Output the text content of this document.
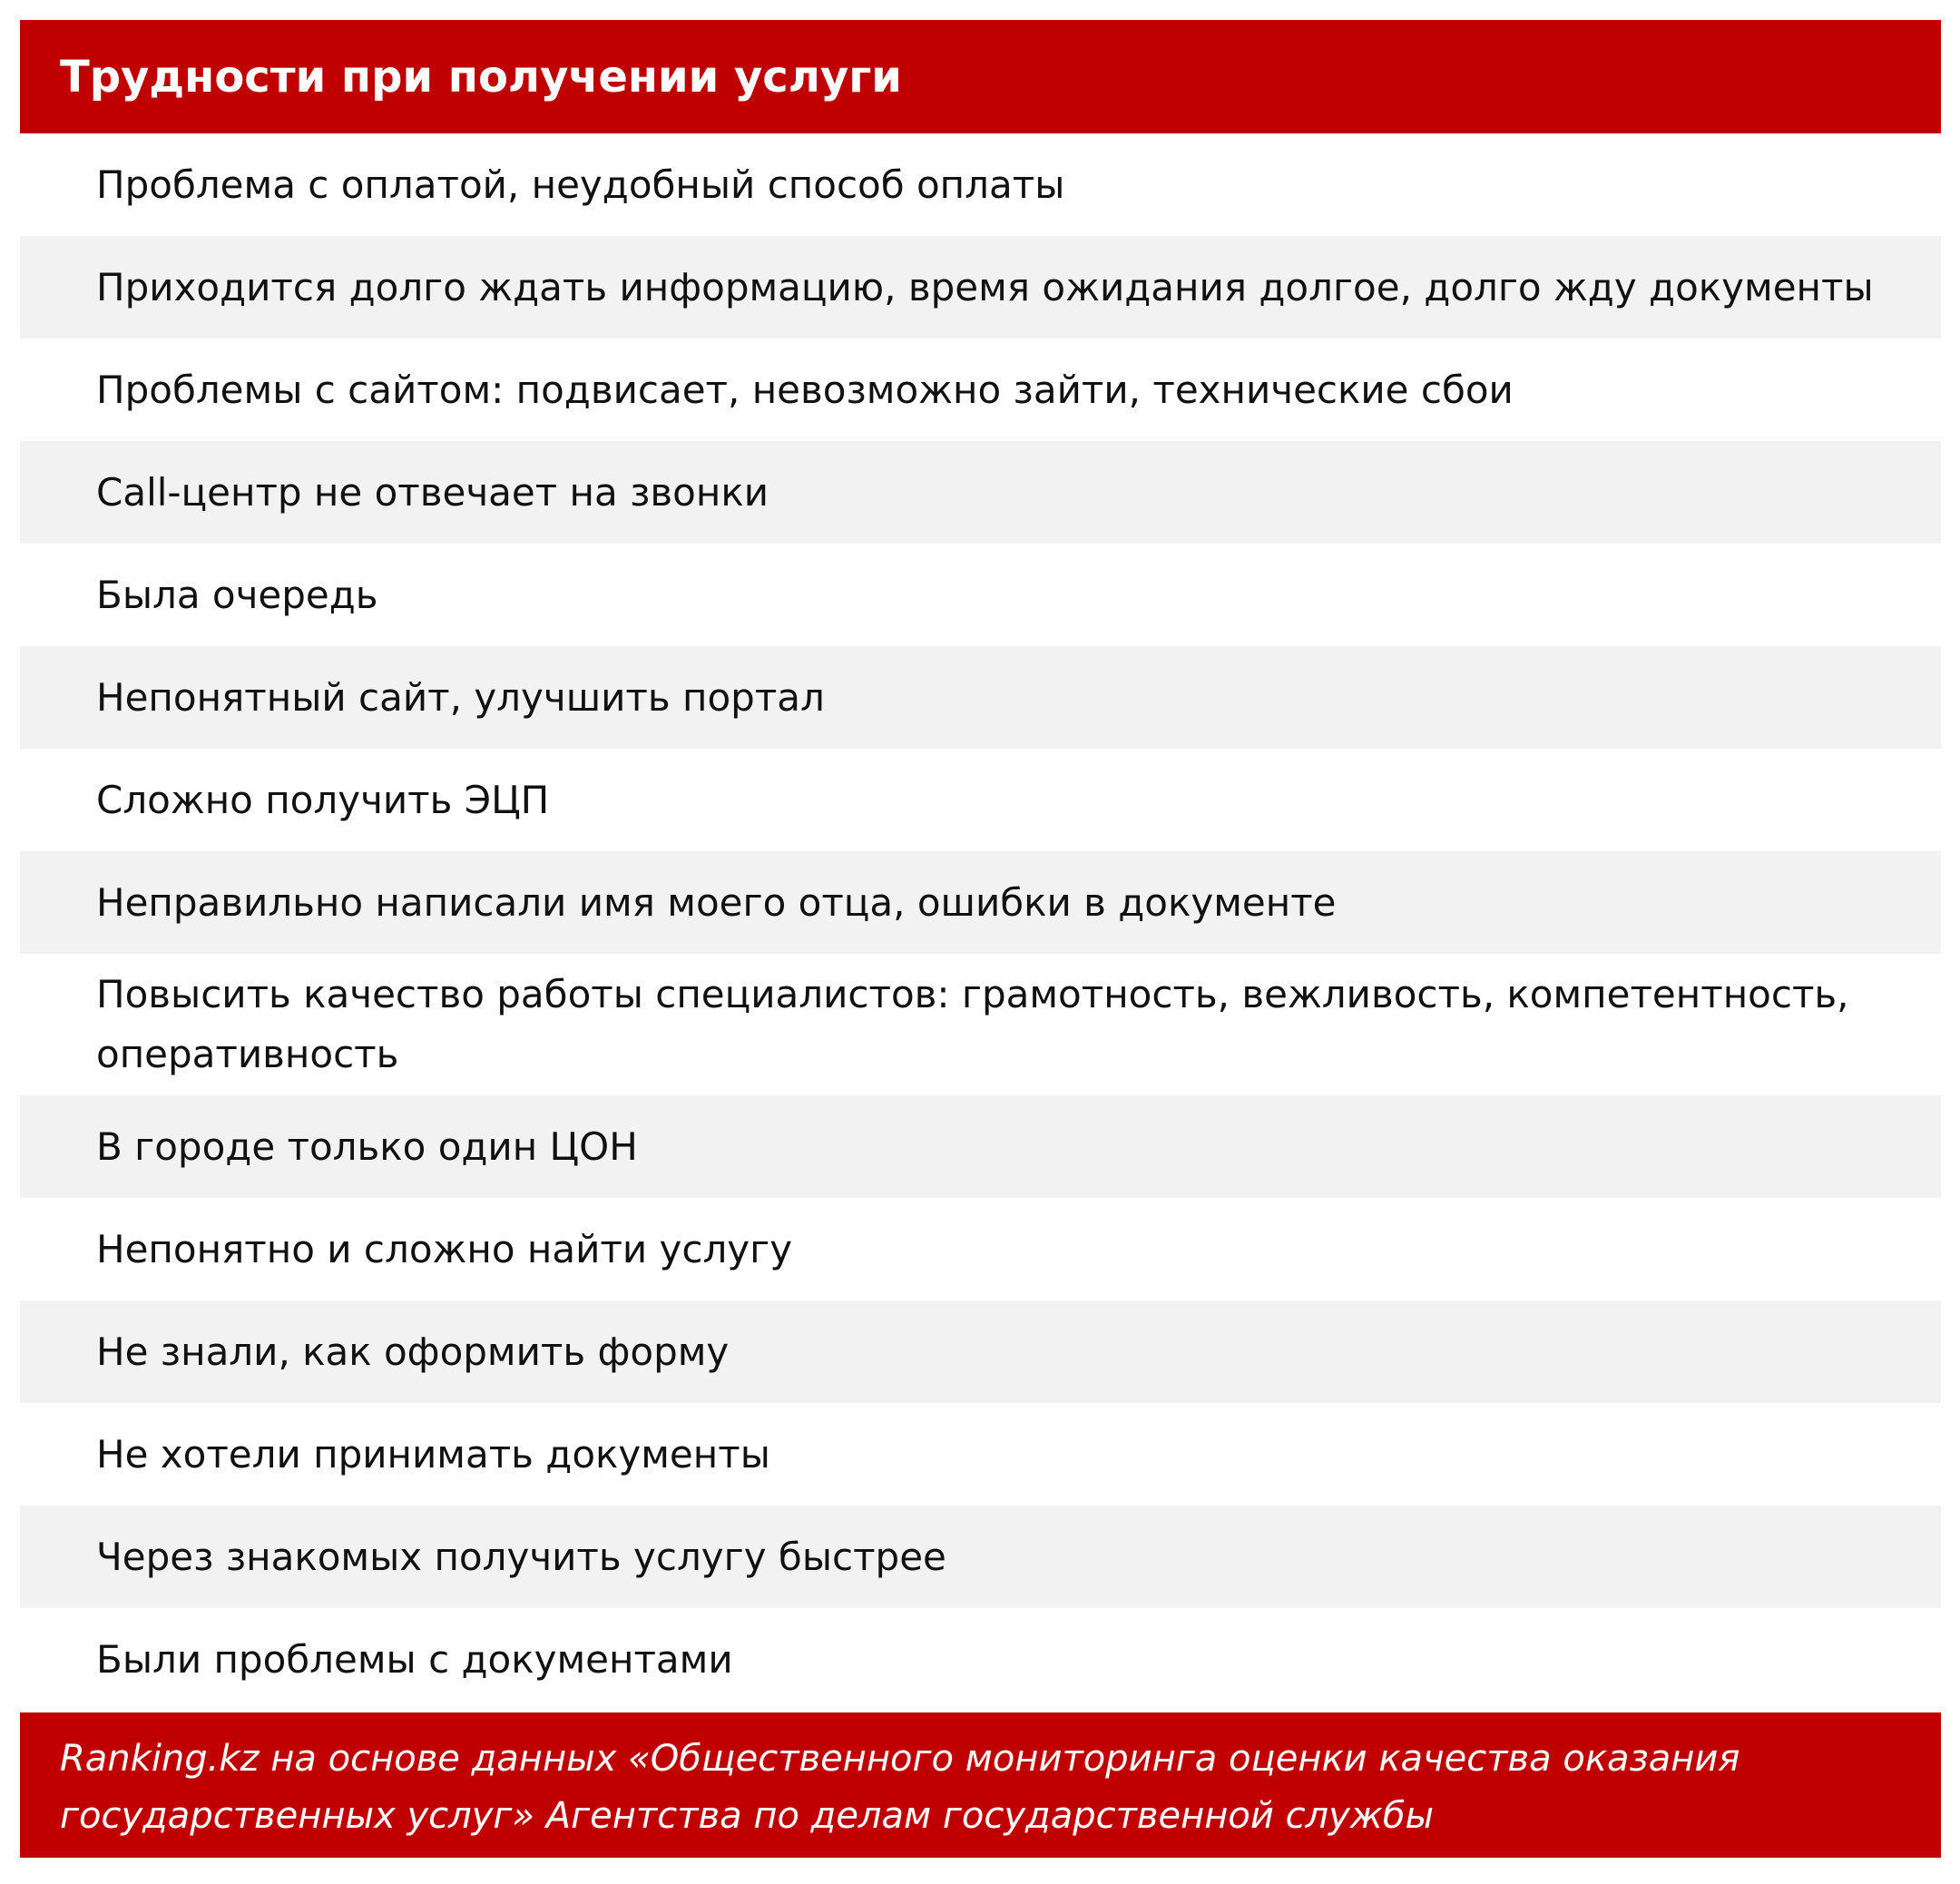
Трудности при получении услуги
Проблема с оплатой, неудобный способ оплаты
Приходится долго ждать информацию, время ожидания долгое, долго жду документы
Проблемы с сайтом: подвисает, невозможно зайти, технические сбои
Call-центр не отвечает на звонки
Была очередь
Непонятный сайт, улучшить портал
Сложно получить ЭЦП
Неправильно написали имя моего отца, ошибки в документе
Повысить качество работы специалистов: грамотность, вежливость, компетентность, оперативность
В городе только один ЦОН
Непонятно и сложно найти услугу
Не знали, как оформить форму
Не хотели принимать документы
Через знакомых получить услугу быстрее
Были проблемы с документами
Ranking.kz на основе данных «Общественного мониторинга оценки качества оказания государственных услуг» Агентства по делам государственной службы
